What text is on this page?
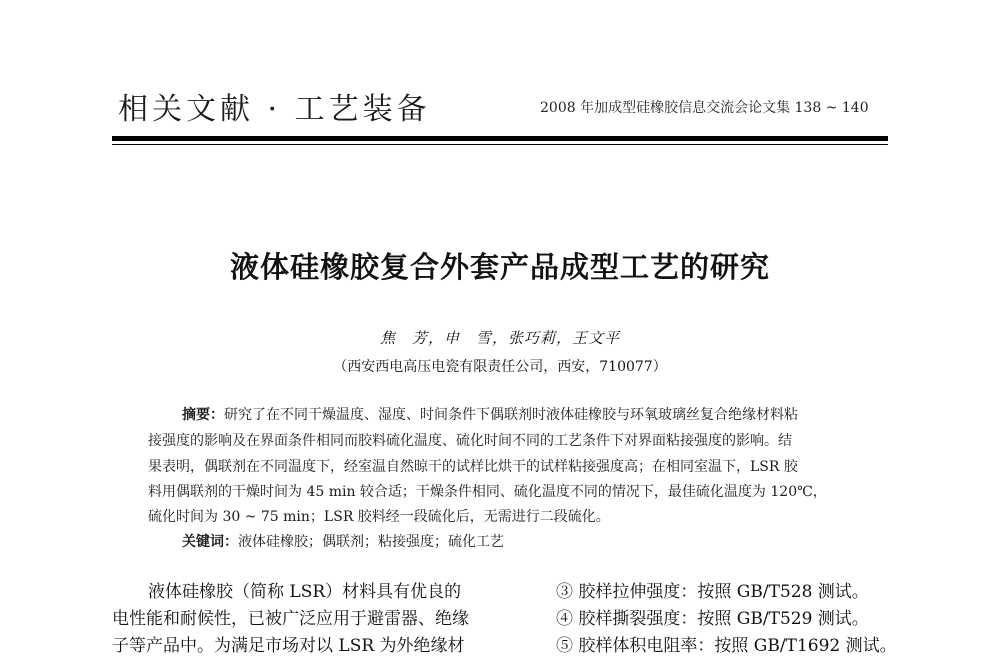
相关文献 · 工艺装备	2008 年加成型硅橡胶信息交流会论文集 138 ~ 140
液体硅橡胶复合外套产品成型工艺的研究
焦　芳，申　雪，张巧莉，王文平
（西安西电高压电瓷有限责任公司，西安，710077）
摘要：研究了在不同干燥温度、湿度、时间条件下偶联剂时液体硅橡胶与环氧玻璃丝复合绝缘材料粘
接强度的影响及在界面条件相同而胶料硫化温度、硫化时间不同的工艺条件下对界面粘接强度的影响。结
果表明，偶联剂在不同温度下，经室温自然晾干的试样比烘干的试样粘接强度高；在相同室温下，LSR 胶
料用偶联剂的干燥时间为 45 min 较合适；干燥条件相同、硫化温度不同的情况下，最佳硫化温度为 120℃，
硫化时间为 30 ~ 75 min；LSR 胶料经一段硫化后，无需进行二段硫化。
关键词：液体硅橡胶；偶联剂；粘接强度；硫化工艺
液体硅橡胶（简称 LSR）材料具有优良的
电性能和耐候性，已被广泛应用于避雷器、绝缘
子等产品中。为满足市场对以 LSR 为外绝缘材
③ 胶样拉伸强度：按照 GB/T528 测试。
④ 胶样撕裂强度：按照 GB/T529 测试。
⑤ 胶样体积电阻率：按照 GB/T1692 测试。
